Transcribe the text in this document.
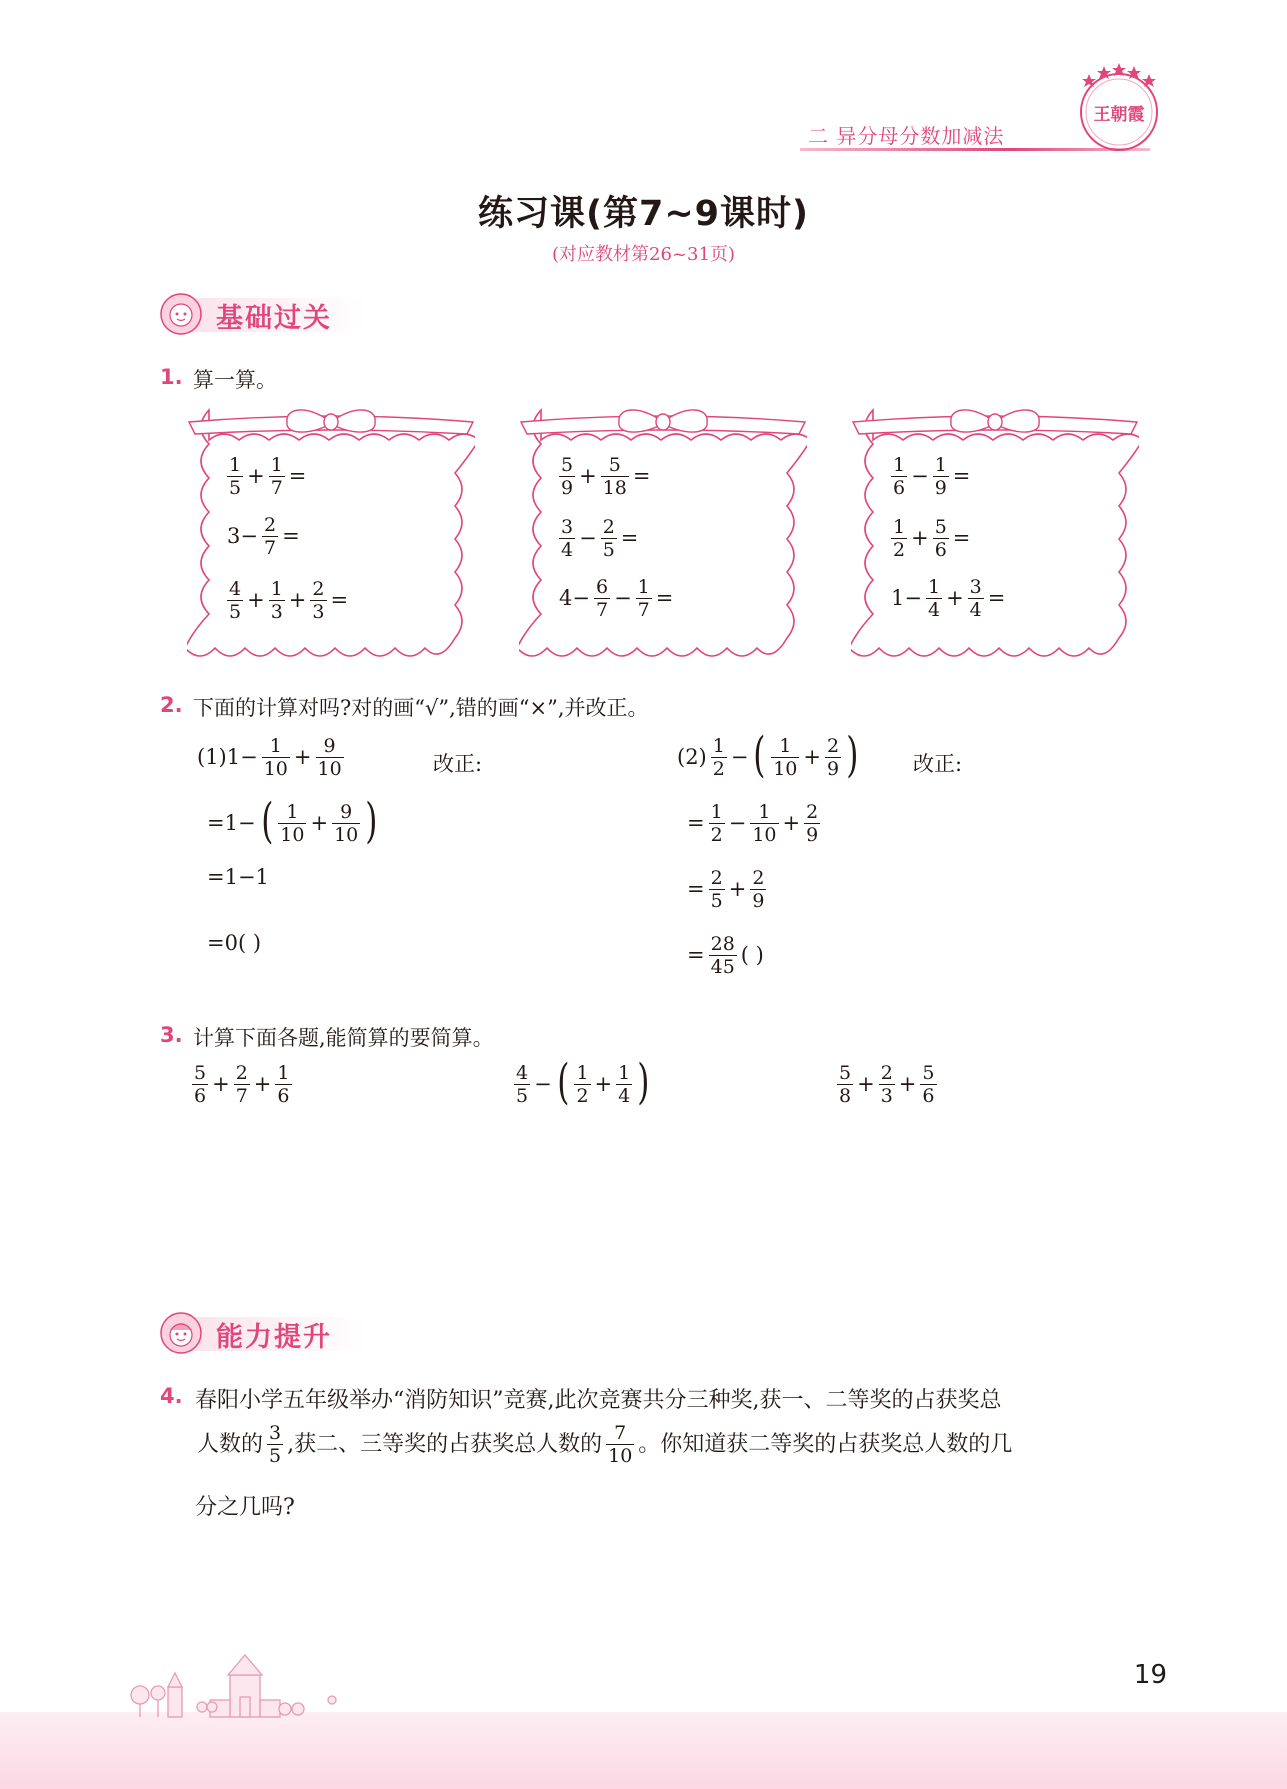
二 异分母分数加减法
王朝霞
练习课(第7~9课时)
(对应教材第26~31页)
基础过关
1. 算一算。
$\frac{1}{5} + \frac{1}{7}$ =
$3- \frac{2}{7}$ =
$\frac{4}{5} + \frac{1}{3} + \frac{2}{3}$ =
$\frac{5}{9} + \frac{5}{18}$ =
$\frac{3}{4} - \frac{2}{5}$ =
$4- \frac{6}{7} - \frac{1}{7}$ =
$\frac{1}{6} - \frac{1}{9}$ =
$\frac{1}{2} + \frac{5}{6}$ =
$1- \frac{1}{4} + \frac{3}{4}$ =
2. 下面的计算对吗?对的画“√”,错的画“×”,并改正。
$(1)1- \frac{1}{10} + \frac{9}{10}$
=1− ( $\frac{1}{10} + \frac{9}{10}$ )
=1−1
=0( )
改正:	$(2) \frac{1}{2}$ − ( $\frac{1}{10} + \frac{2}{9}$ )
= $\frac{1}{2} - \frac{1}{10} + \frac{2}{9}$
= $\frac{2}{5} + \frac{2}{9}$
= $\frac{28}{45}$ ( )
改正:
3. 计算下面各题,能简算的要简算。
$\frac{5}{6} + \frac{2}{7} + \frac{1}{6}$	$\frac{4}{5}$ − ( $\frac{1}{2} + \frac{1}{4}$ )	$\frac{5}{8} + \frac{2}{3} + \frac{5}{6}$
能力提升
4. 春阳小学五年级举办“消防知识”竞赛,此次竞赛共分三种奖,获一、二等奖的占获奖总
人数的 $\frac{3}{5}$ ,获二、三等奖的占获奖总人数的 $\frac{7}{10}$ 。你知道获二等奖的占获奖总人数的几
分之几吗?
19
